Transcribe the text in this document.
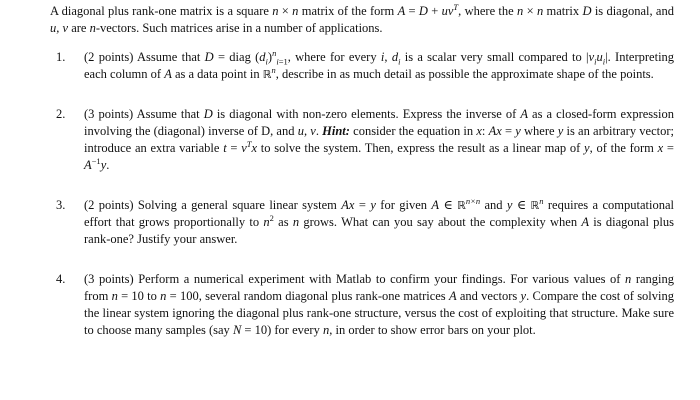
A diagonal plus rank-one matrix is a square n × n matrix of the form $A = D + uv^T$, where the n × n matrix D is diagonal, and u, v are n-vectors. Such matrices arise in a number of applications.

1. (2 points) Assume that D = diag $(d_i)^n_{i=1}$, where for every i, $d_i$ is a scalar very small compared to $|v_iu_i|$. Interpreting each column of A as a data point in ℝ$^n$, describe in as much detail as possible the approximate shape of the points.

2. (3 points) Assume that D is diagonal with non-zero elements. Express the inverse of A as a closed-form expression involving the (diagonal) inverse of D, and u, v. Hint: consider the equation in x: Ax = y where y is an arbitrary vector; introduce an extra variable $t = v^Tx$ to solve the system. Then, express the result as a linear map of y, of the form $x = A^{-1}y$.

3. (2 points) Solving a general square linear system Ax = y for given A ∈ ℝ$^{n\times n}$ and y ∈ ℝ$^n$ requires a computational effort that grows proportionally to $n^2$ as n grows. What can you say about the complexity when A is diagonal plus rank-one? Justify your answer.

4. (3 points) Perform a numerical experiment with Matlab to confirm your findings. For various values of n ranging from n = 10 to n = 100, several random diagonal plus rank-one matrices A and vectors y. Compare the cost of solving the linear system ignoring the diagonal plus rank-one structure, versus the cost of exploiting that structure. Make sure to choose many samples (say N = 10) for every n, in order to show error bars on your plot.
